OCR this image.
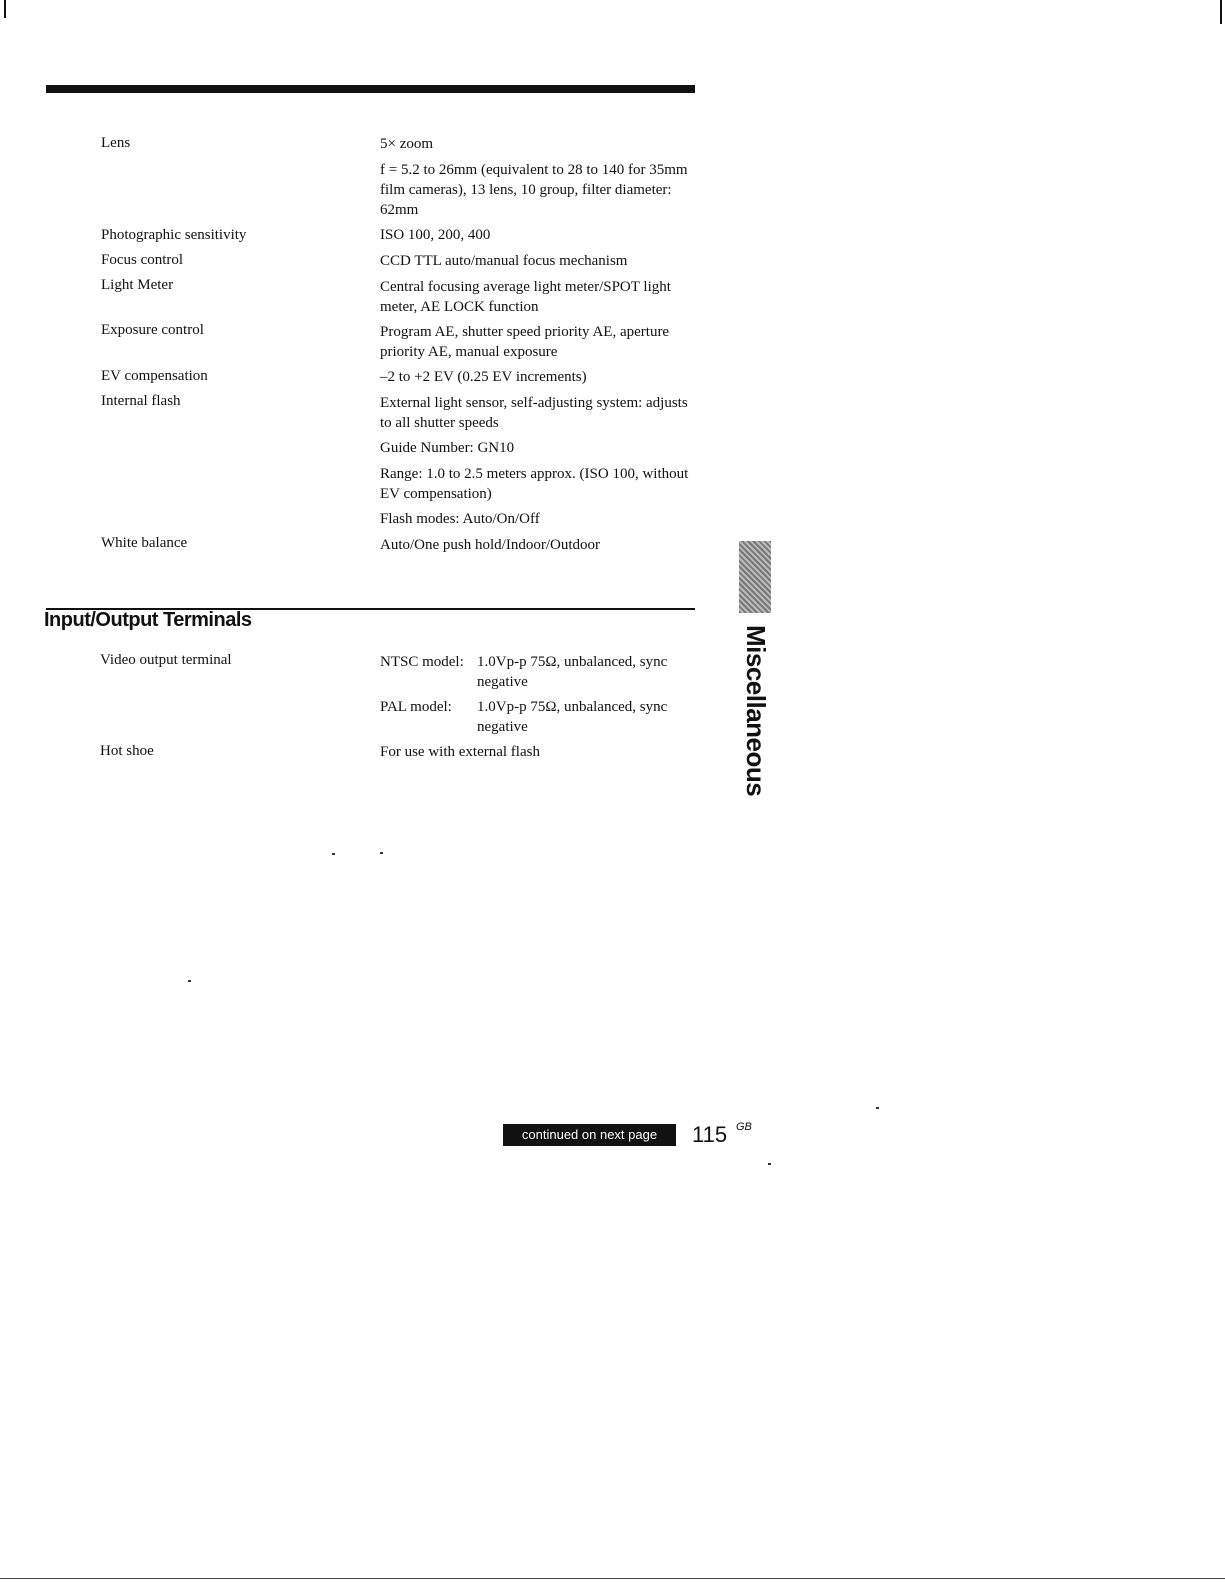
Lens	5× zoom
f = 5.2 to 26mm (equivalent to 28 to 140 for 35mm film cameras), 13 lens, 10 group, filter diameter: 62mm
Photographic sensitivity	ISO 100, 200, 400
Focus control	CCD TTL auto/manual focus mechanism
Light Meter	Central focusing average light meter/SPOT light meter, AE LOCK function
Exposure control	Program AE, shutter speed priority AE, aperture priority AE, manual exposure
EV compensation	–2 to +2 EV (0.25 EV increments)
Internal flash	External light sensor, self-adjusting system: adjusts to all shutter speeds
Guide Number: GN10
Range: 1.0 to 2.5 meters approx. (ISO 100, without EV compensation)
Flash modes: Auto/On/Off
White balance	Auto/One push hold/Indoor/Outdoor
Input/Output Terminals
Video output terminal	NTSC model: 1.0Vp-p 75Ω, unbalanced, sync negative
PAL model: 1.0Vp-p 75Ω, unbalanced, sync negative
Hot shoe	For use with external flash	Miscellaneous
continued on next page	115 GB
